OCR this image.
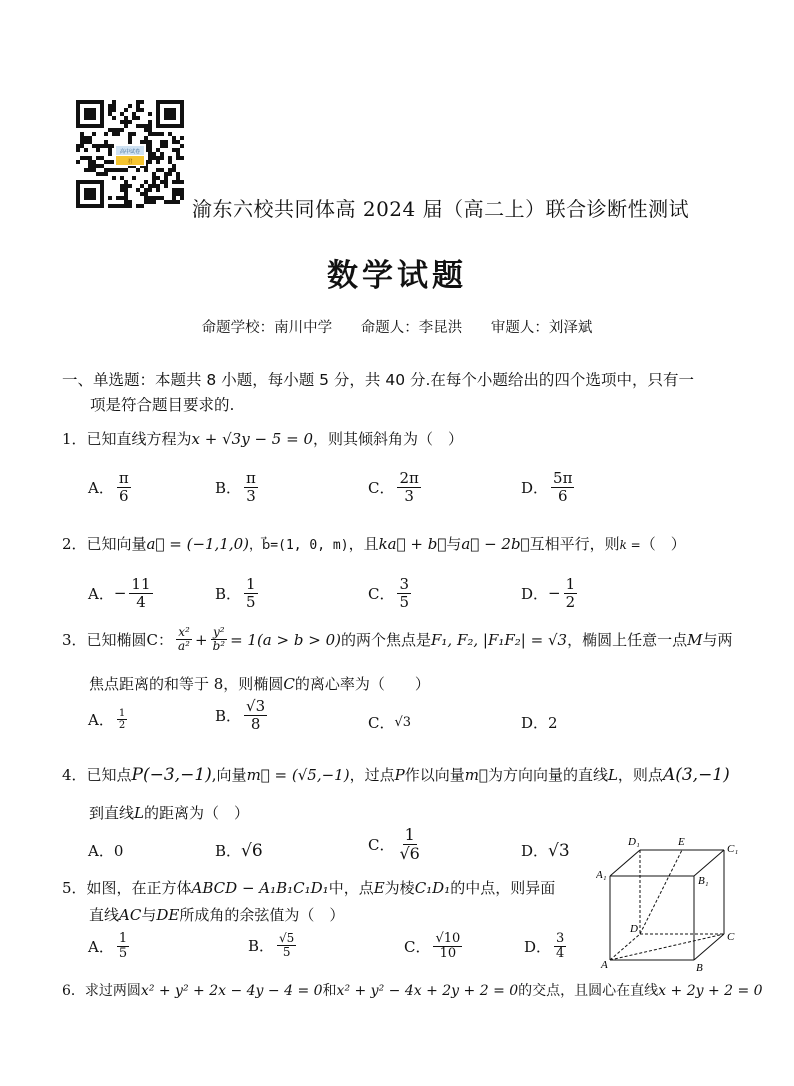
高中试卷
君
渝东六校共同体高 2024 届（高二上）联合诊断性测试
数学试题
命题学校：南川中学 命题人：李昆洪 审题人：刘泽斌
一、单选题：本题共 8 小题，每小题 5 分，共 40 分.在每个小题给出的四个选项中，只有一
项是符合题目要求的.
1．已知直线方程为x + √3y − 5 = 0，则其倾斜角为（　）
A． $\frac{\pi}{6}$	B． $\frac{\pi}{3}$	C． $\frac{2\pi}{3}$	D． $\frac{5\pi}{6}$
2．已知向量a⃗ = (−1,1,0)，b⃗=(1, 0, m)，且ka⃗ + b⃗与a⃗ − 2b⃗互相平行，则k =（　）
A． − $\frac{11}{4}$	B． $\frac{1}{5}$	C． $\frac{3}{5}$	D． − $\frac{1}{2}$
3．已知椭圆 C： $\frac{\text{x²}}{\text{a²}} + \frac{\text{y²}}{\text{b²}} = 1(a > b > 0)$ 的两个焦点是 F₁, F₂, |F₁F₂| = √3 ，椭圆上任意一点 M 与两
焦点距离的和等于 8，则椭圆C的离心率为（　　）
A． $\frac{1}{2}$	B． $\frac{√3}{8}$	C． √3	D． 2
4．已知点P(−3,−1),向量m⃗ = (√5,−1)，过点P作以向量m⃗为方向向量的直线L，则点A(3,−1)
到直线L的距离为（　）
A． 0	B． √6	C． $\frac{1}{√6}$	D． √3
5．如图，在正方体ABCD − A₁B₁C₁D₁中，点E为棱C₁D₁的中点，则异面
直线AC与DE所成角的余弦值为（　）
A． $\frac{1}{5}$	B． $\frac{√5}{5}$	C． $\frac{√10}{10}$	D． $\frac{3}{4}$
D₁	E
C₁
A₁	B₁
D
C
A	B
6．求过两圆x² + y² + 2x − 4y − 4 = 0和x² + y² − 4x + 2y + 2 = 0的交点，且圆心在直线x + 2y + 2 = 0
